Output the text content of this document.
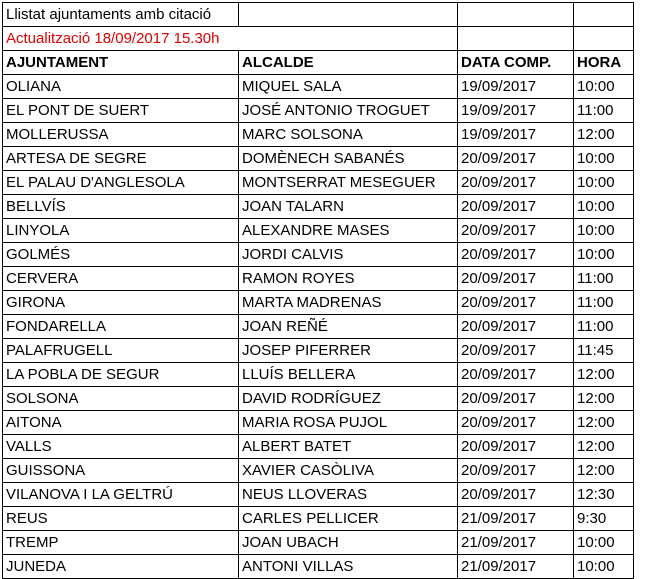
Llistat ajuntaments amb citació			
Actualització 18/09/2017 15.30h			
AJUNTAMENT	ALCALDE	DATA COMP.	HORA
OLIANA	MIQUEL SALA	19/09/2017	10:00
EL PONT DE SUERT	JOSÉ ANTONIO TROGUET	19/09/2017	11:00
MOLLERUSSA	MARC SOLSONA	19/09/2017	12:00
ARTESA DE SEGRE	DOMÈNECH SABANÉS	20/09/2017	10:00
EL PALAU D'ANGLESOLA	MONTSERRAT MESEGUER	20/09/2017	10:00
BELLVÍS	JOAN TALARN	20/09/2017	10:00
LINYOLA	ALEXANDRE MASES	20/09/2017	10:00
GOLMÉS	JORDI CALVIS	20/09/2017	10:00
CERVERA	RAMON ROYES	20/09/2017	11:00
GIRONA	MARTA MADRENAS	20/09/2017	11:00
FONDARELLA	JOAN REÑÉ	20/09/2017	11:00
PALAFRUGELL	JOSEP PIFERRER	20/09/2017	11:45
LA POBLA DE SEGUR	LLUÍS BELLERA	20/09/2017	12:00
SOLSONA	DAVID RODRÍGUEZ	20/09/2017	12:00
AITONA	MARIA ROSA PUJOL	20/09/2017	12:00
VALLS	ALBERT BATET	20/09/2017	12:00
GUISSONA	XAVIER CASÒLIVA	20/09/2017	12:00
VILANOVA I LA GELTRÚ	NEUS LLOVERAS	20/09/2017	12:30
REUS	CARLES PELLICER	21/09/2017	9:30
TREMP	JOAN UBACH	21/09/2017	10:00
JUNEDA	ANTONI VILLAS	21/09/2017	10:00
